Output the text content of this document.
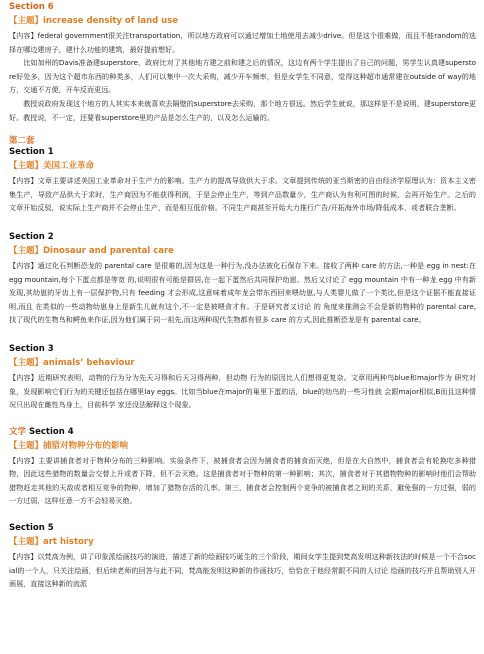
Section 6

【主题】increase density of land use

【内容】federal government很关注transportation，所以地方政府可以通过增加土地使用去减少drive。但是这个很难做，而且不能random的选择在哪边建房子，建什么功能的建筑，最好提前想好。

比如加州的Davis准备建superstore，政府比对了其他地方建之前和建之后的情况，这边有两个学生提出了自己的问题，男学生认真建superstore好处多，因为这个超市东西的种类多，人们可以集中一次大采购，减少开车频率，但是女学生不同意，觉得这种超市通常建在outside of way的地方，交通不方便，开车反而更远。

教授说政府发现这个地方的人其实本来就喜欢去隔壁的superstore去采购，那个地方很远。然后学生就说，那这样是不是说明，建superstore更好。教授说，不一定，还要看superstore里的产品是怎么生产的，以及怎么运输的。

第二套

Section 1

【主题】美国工业革命

【内容】文章主要讲述美国工业革命对于生产力的影响。生产力的提高导致供大于求。文章提到传统的亚当斯密的自由经济学原理认为：资本主义密集生产，导致产品供大于求时，生产商因为不能获得利润，于是会停止生产，等到产品数量少，生产商认为有利可图的时候，会再开始生产。之后的文章开始反驳，说实际上生产商并不会停止生产，而是相互低价格。不同生产商甚至开始大力推行广告/开拓海外市场/降低成本，或者联合垄断。

Section 2

【主题】Dinosaur and parental care

【内容】通过化石判断恐龙的 parental care 是很难的,因为这是一种行为,没办法被化石保存下来。接收了两种 care 的方法,一种是 egg in nest:在 egg mountain,每个下蛋点都是等宽 的,说明很有可能是群居,在一起下蛋然后共同保护幼崽。然后又讨论了 egg mountain 中有一种龙 egg 中有新发现,其幼崽的牙齿上有一层保护物,只有 feeding 才会形成,这意味着成年龙会带东西回来喂幼崽,与人类婴儿做了一个类比,但是这个证据不能直接证明,而且 在类似的一些动物幼崽身上是新生儿就有这个,不一定是被喂食才有。于是研究者又讨论 的 角度来推测会不会是新的物种的 parental care,找了现代的生物鸟和鳄鱼来作证,因为他们属于同一祖先,而这两种现代生物都有很多 care 的方式,因此推断恐龙是有 parental care。

Section 3

【主题】animals’ behaviour

【内容】近期研究表明，动物的行为分为先天习得和后天习得两种，但动物 行为的原因比人们想得更复杂。文章用两种鸟blue和major作为 研究对象，发现影响它们行为的关键还包括在哪里lay eggs。比如当blue在major的巢里下蛋的话，blue的幼鸟的一些习性就 会跟major相似,B而且这种情况只出现在雌性鸟身上，目前科学 家还没法解释这个现象。

文学 Section 4

【主题】捕猎对物种分布的影响

【内容】主要讲捕食者对于物种分布的三种影响。实验条件下，被捕食者会因为捕食者的捕食而灭绝，但是在大自然中，捕食者会有轮换吃多种猎物，因此这些猎物的数量会交替上升或者下降，但不会灭绝。这是捕食者对于物种的第一种影响；其次，捕食者对于其猎物物种的影响时他们会帮助猎物赶走其他的天敌或者相互竞争的物种，增加了猎物存活的几率。第三，捕食者会控制两个竞争的被捕食者之间的关系，避免强的一方过强，弱的一方过弱，这样任意一方不会轻易灭绝。

Section 5

【主题】art history

【内容】以梵高为例，讲了印象派绘画技巧的演进，描述了新的绘画技巧诞生的三个阶段，期间女学生提到梵高发明这种新技法的时候是一个不合social的一个人，只关注绘画，但后续老师的回答与此不同，梵高能发明这种新的作画技巧，恰恰在于他经常跟不同的人讨论 绘画的技巧并且帮助别人开画展，直接这种新的流派
